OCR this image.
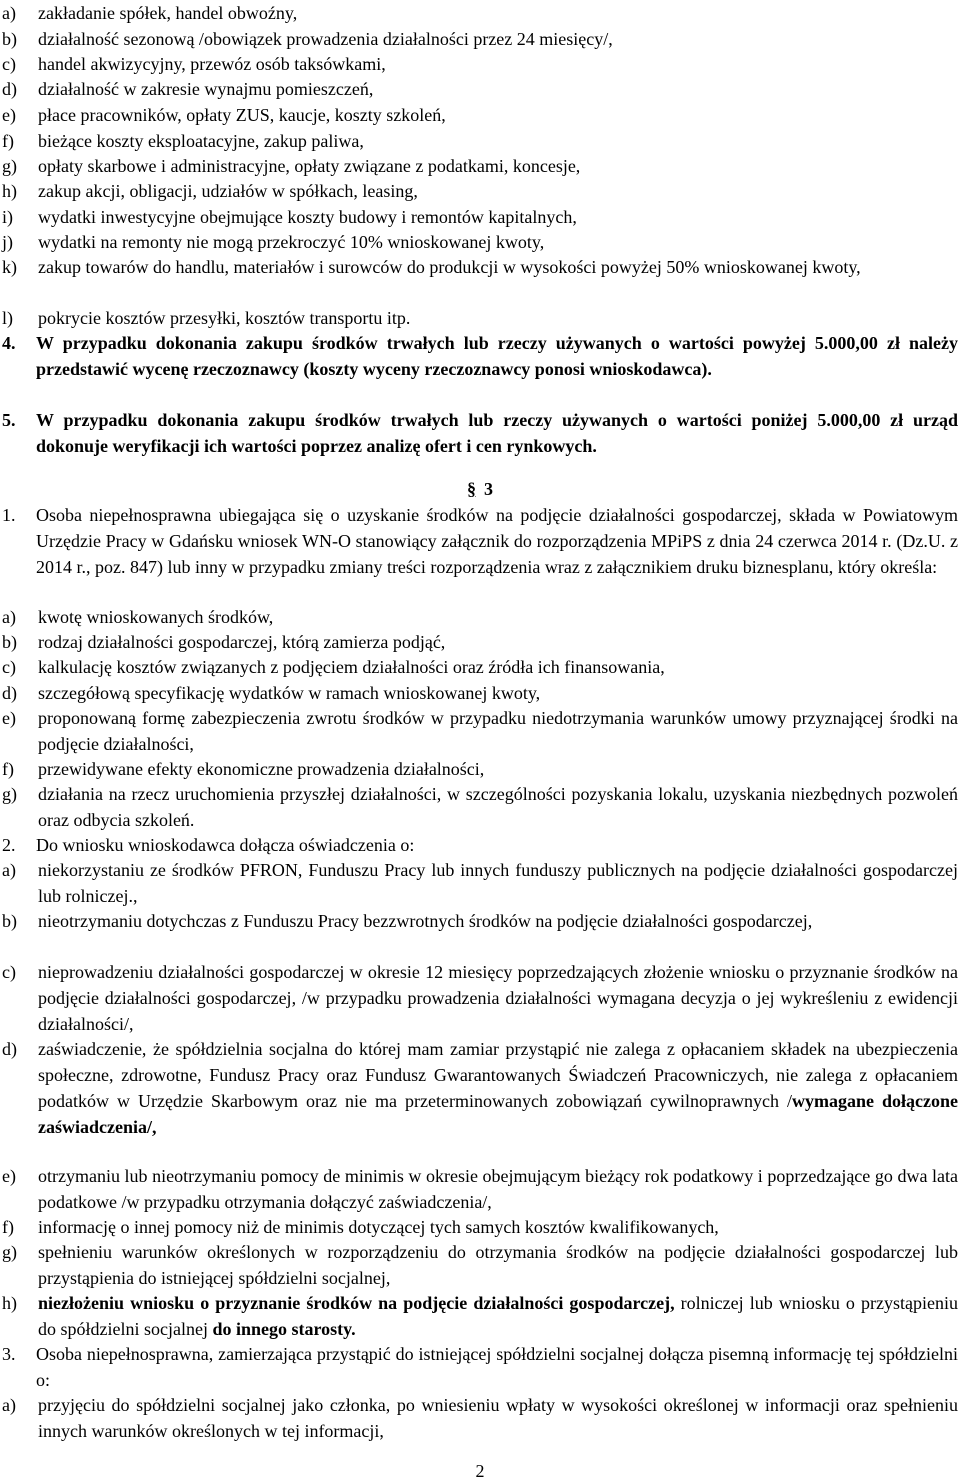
a)	zakładanie spółek, handel obwoźny,
b)	działalność sezonową /obowiązek prowadzenia działalności przez 24 miesięcy/,
c)	handel akwizycyjny, przewóz osób taksówkami,
d)	działalność w zakresie wynajmu pomieszczeń,
e)	płace pracowników, opłaty ZUS, kaucje, koszty szkoleń,
f)	bieżące koszty eksploatacyjne, zakup paliwa,
g)	opłaty skarbowe i administracyjne, opłaty związane z podatkami, koncesje,
h)	zakup akcji, obligacji, udziałów w spółkach, leasing,
i)	wydatki inwestycyjne obejmujące koszty budowy i remontów kapitalnych,
j)	wydatki na remonty nie mogą przekroczyć 10% wnioskowanej kwoty,
k)	zakup towarów do handlu, materiałów i surowców do produkcji w wysokości powyżej 50% wnioskowanej kwoty,
l)	pokrycie kosztów przesyłki, kosztów transportu itp.
4.	W przypadku dokonania zakupu środków trwałych lub rzeczy używanych o wartości powyżej 5.000,00 zł należy przedstawić wycenę rzeczoznawcy (koszty wyceny rzeczoznawcy ponosi wnioskodawca).
5.	W przypadku dokonania zakupu środków trwałych lub rzeczy używanych o wartości poniżej 5.000,00 zł urząd dokonuje weryfikacji ich wartości poprzez analizę ofert i cen rynkowych.
§ 3
1.	Osoba niepełnosprawna ubiegająca się o uzyskanie środków na podjęcie działalności gospodarczej, składa w Powiatowym Urzędzie Pracy w Gdańsku wniosek WN-O stanowiący załącznik do rozporządzenia MPiPS z dnia 24 czerwca 2014 r. (Dz.U. z 2014 r., poz. 847) lub inny w przypadku zmiany treści rozporządzenia wraz z załącznikiem druku biznesplanu, który określa:
a)	kwotę wnioskowanych środków,
b)	rodzaj działalności gospodarczej, którą zamierza podjąć,
c)	kalkulację kosztów związanych z podjęciem działalności oraz źródła ich finansowania,
d)	szczegółową specyfikację wydatków w ramach wnioskowanej kwoty,
e)	proponowaną formę zabezpieczenia zwrotu środków w przypadku niedotrzymania warunków umowy przyznającej środki na podjęcie działalności,
f)	przewidywane efekty ekonomiczne prowadzenia działalności,
g)	działania na rzecz uruchomienia przyszłej działalności, w szczególności pozyskania lokalu, uzyskania niezbędnych pozwoleń oraz odbycia szkoleń.
2.	Do wniosku wnioskodawca dołącza oświadczenia o:
a)	niekorzystaniu ze środków PFRON, Funduszu Pracy lub innych funduszy publicznych na podjęcie działalności gospodarczej lub rolniczej.,
b)	nieotrzymaniu dotychczas z Funduszu Pracy bezzwrotnych środków na podjęcie działalności gospodarczej,
c)	nieprowadzeniu działalności gospodarczej w okresie 12 miesięcy poprzedzających złożenie wniosku o przyznanie środków na podjęcie działalności gospodarczej, /w przypadku prowadzenia działalności wymagana decyzja o jej wykreśleniu z ewidencji działalności/,
d)	zaświadczenie, że spółdzielnia socjalna do której mam zamiar przystąpić nie zalega z opłacaniem składek na ubezpieczenia społeczne, zdrowotne, Fundusz Pracy oraz Fundusz Gwarantowanych Świadczeń Pracowniczych, nie zalega z opłacaniem podatków w Urzędzie Skarbowym oraz nie ma przeterminowanych zobowiązań cywilnoprawnych /wymagane dołączone zaświadczenia/,
e)	otrzymaniu lub nieotrzymaniu pomocy de minimis w okresie obejmującym bieżący rok podatkowy i poprzedzające go dwa lata podatkowe /w przypadku otrzymania dołączyć zaświadczenia/,
f)	informację o innej pomocy niż de minimis dotyczącej tych samych kosztów kwalifikowanych,
g)	spełnieniu warunków określonych w rozporządzeniu do otrzymania środków na podjęcie działalności gospodarczej lub przystąpienia do istniejącej spółdzielni socjalnej,
h)	niezłożeniu wniosku o przyznanie środków na podjęcie działalności gospodarczej, rolniczej lub wniosku o przystąpieniu do spółdzielni socjalnej do innego starosty.
3.	Osoba niepełnosprawna, zamierzająca przystąpić do istniejącej spółdzielni socjalnej dołącza pisemną informację tej spółdzielni o:
a)	przyjęciu do spółdzielni socjalnej jako członka, po wniesieniu wpłaty w wysokości określonej w informacji oraz spełnieniu innych warunków określonych w tej informacji,
2
